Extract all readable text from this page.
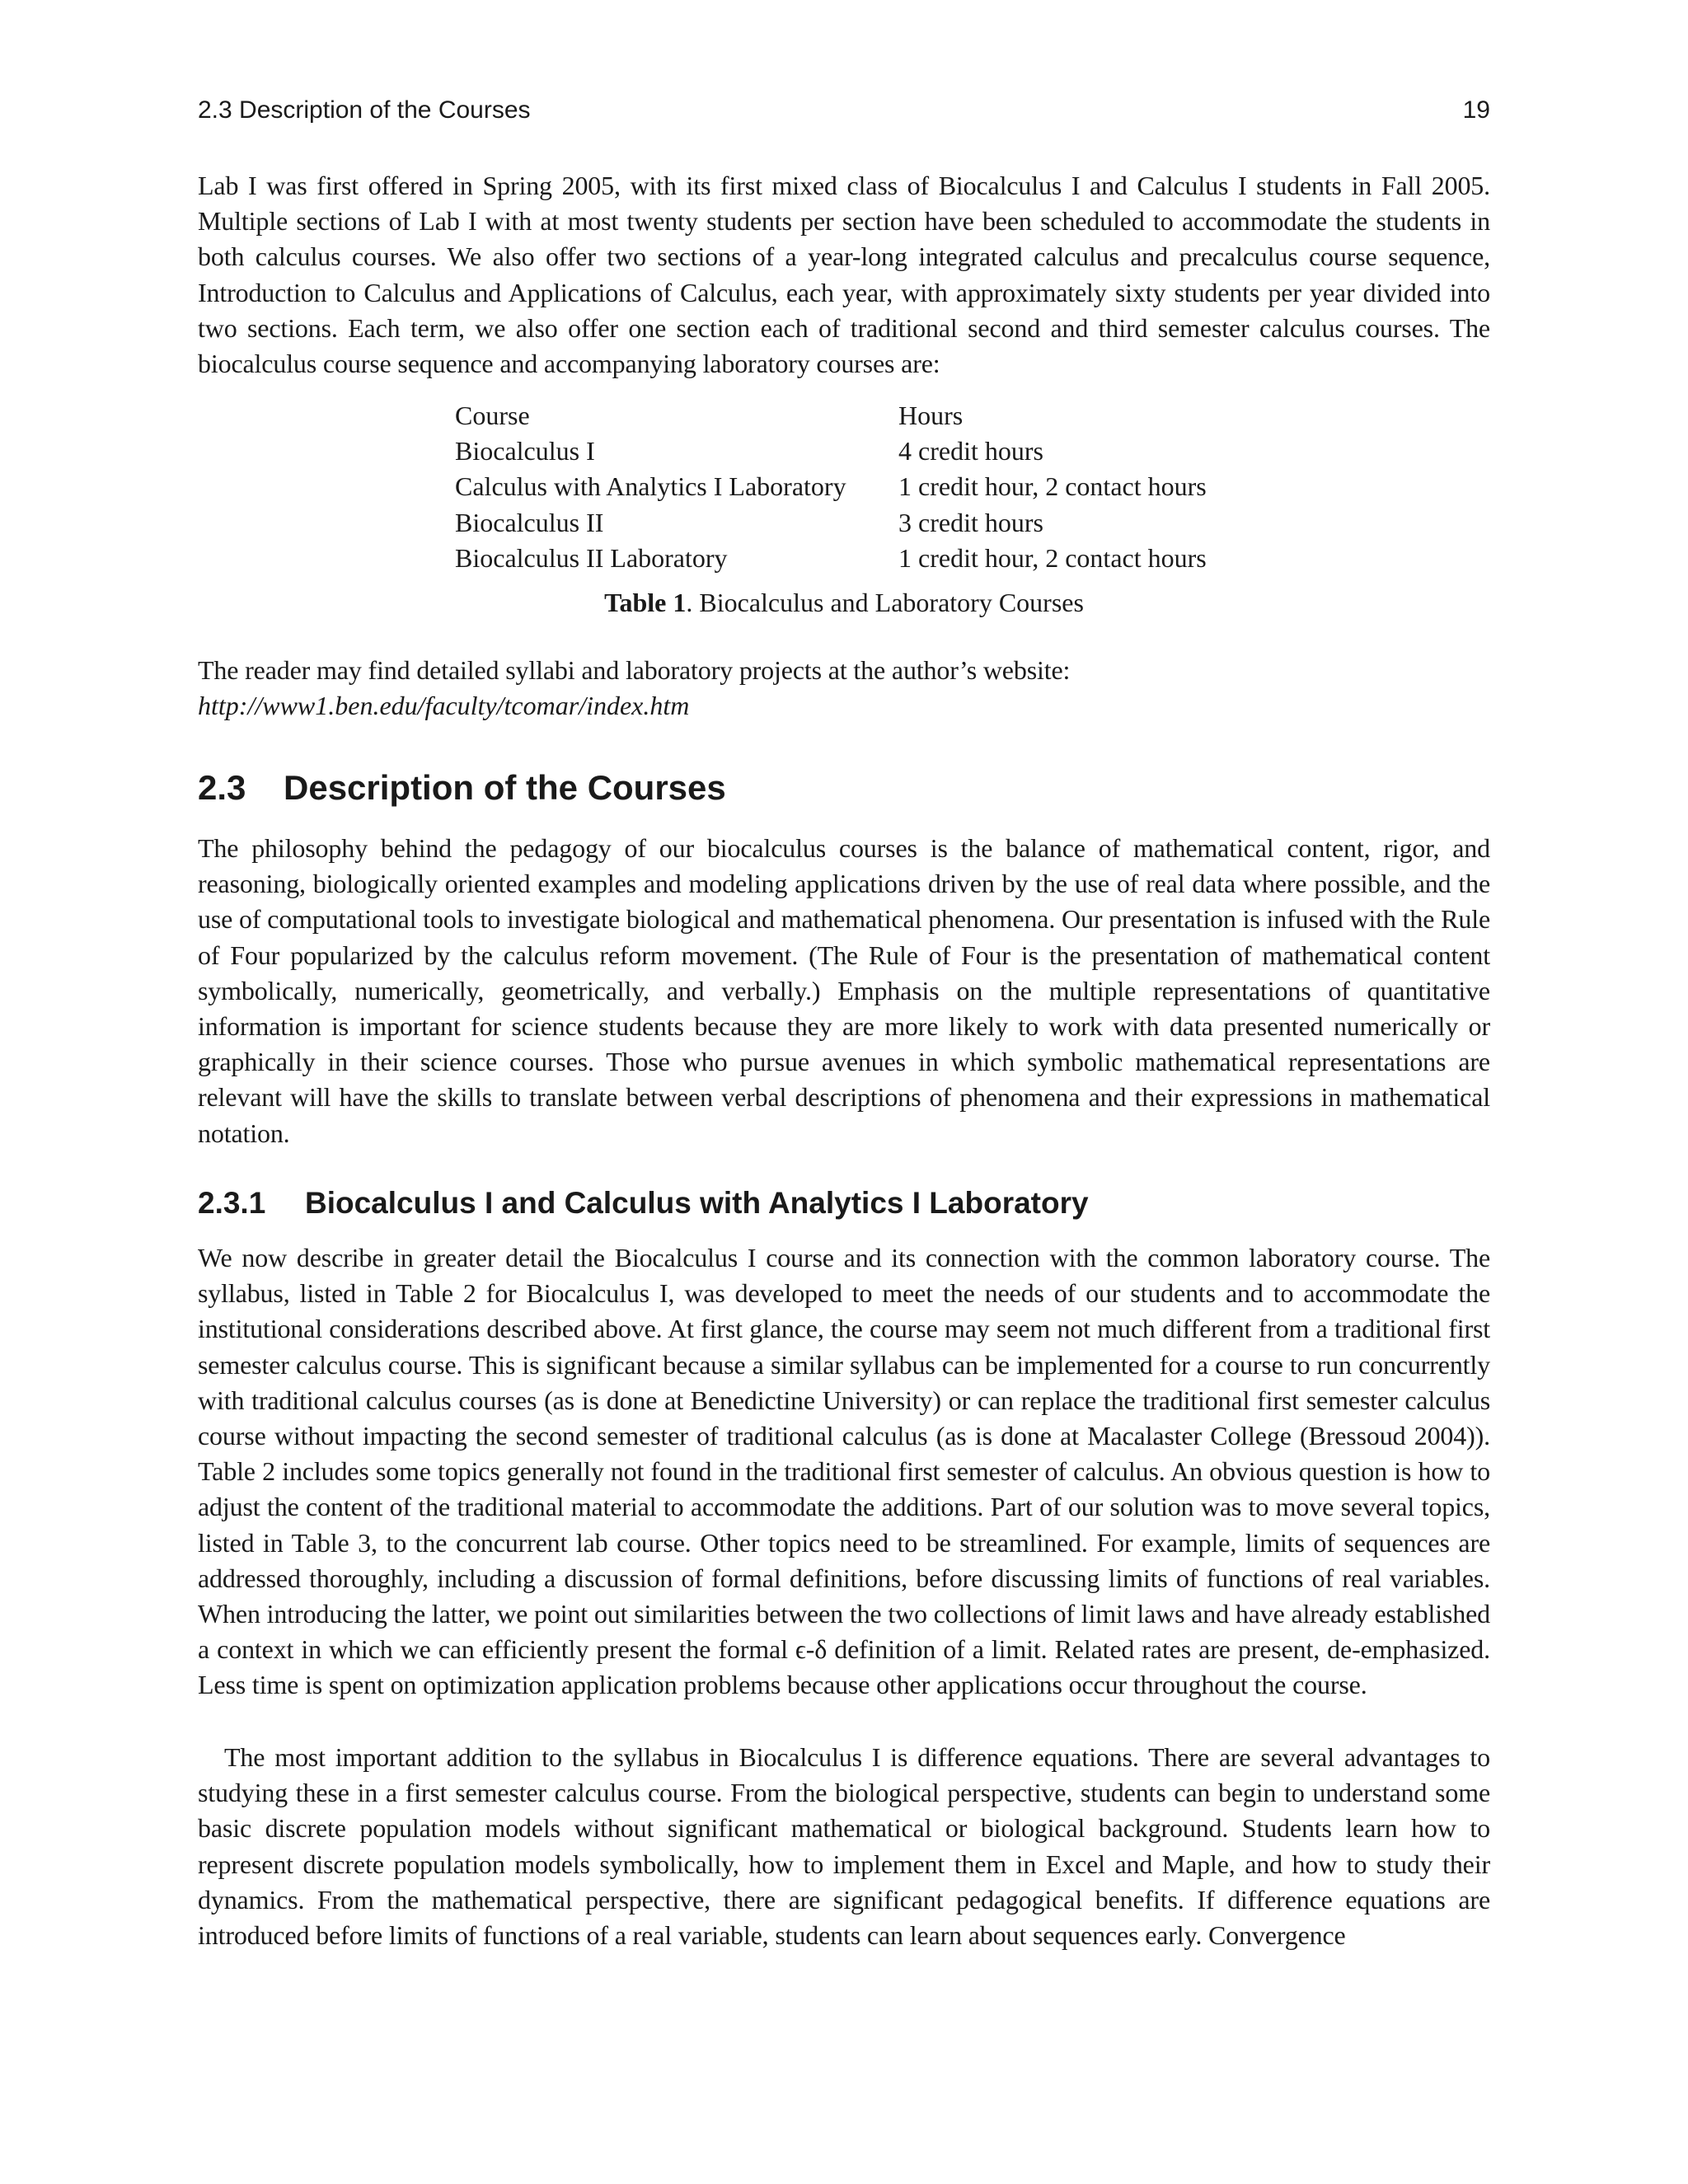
2.3 Description of the Courses	19

Lab I was first offered in Spring 2005, with its first mixed class of Biocalculus I and Calculus I students in Fall 2005. Multiple sections of Lab I with at most twenty students per section have been scheduled to accommodate the students in both calculus courses. We also offer two sections of a year-long integrated calculus and precalculus course sequence, Introduction to Calculus and Applications of Calculus, each year, with approximately sixty students per year divided into two sections. Each term, we also offer one section each of traditional second and third semester calculus courses. The biocalculus course sequence and accompanying laboratory courses are:

Course	Hours
Biocalculus I	4 credit hours
Calculus with Analytics I Laboratory	1 credit hour, 2 contact hours
Biocalculus II	3 credit hours
Biocalculus II Laboratory	1 credit hour, 2 contact hours
Table 1. Biocalculus and Laboratory Courses

The reader may find detailed syllabi and laboratory projects at the author’s website:

http://www1.ben.edu/faculty/tcomar/index.htm
2.3 Description of the Courses

The philosophy behind the pedagogy of our biocalculus courses is the balance of mathematical content, rigor, and reasoning, biologically oriented examples and modeling applications driven by the use of real data where possible, and the use of computational tools to investigate biological and mathematical phenomena. Our presentation is infused with the Rule of Four popularized by the calculus reform movement. (The Rule of Four is the presentation of mathematical content symbolically, numerically, geometrically, and verbally.) Emphasis on the multiple representations of quantitative information is important for science students because they are more likely to work with data presented numerically or graphically in their science courses. Those who pursue avenues in which symbolic mathematical representations are relevant will have the skills to translate between verbal descriptions of phenomena and their expressions in mathematical notation.

2.3.1 Biocalculus I and Calculus with Analytics I Laboratory

We now describe in greater detail the Biocalculus I course and its connection with the common laboratory course. The syllabus, listed in Table 2 for Biocalculus I, was developed to meet the needs of our students and to accommodate the institutional considerations described above. At first glance, the course may seem not much different from a traditional first semester calculus course. This is significant because a similar syllabus can be implemented for a course to run concurrently with traditional calculus courses (as is done at Benedictine University) or can replace the traditional first semester calculus course without impacting the second semester of traditional calculus (as is done at Macalaster College (Bressoud 2004)). Table 2 includes some topics generally not found in the traditional first semester of calculus. An obvious question is how to adjust the content of the traditional material to accommodate the additions. Part of our solution was to move several topics, listed in Table 3, to the concurrent lab course. Other topics need to be streamlined. For example, limits of sequences are addressed thoroughly, including a discussion of formal definitions, before discussing limits of functions of real variables. When introducing the latter, we point out similarities between the two collections of limit laws and have already established a context in which we can efficiently present the formal ϵ-δ definition of a limit. Related rates are present, de-emphasized. Less time is spent on optimization application problems because other applications occur throughout the course.

The most important addition to the syllabus in Biocalculus I is difference equations. There are several advantages to studying these in a first semester calculus course. From the biological perspective, students can begin to understand some basic discrete population models without significant mathematical or biological background. Students learn how to represent discrete population models symbolically, how to implement them in Excel and Maple, and how to study their dynamics. From the mathematical perspective, there are significant pedagogical benefits. If difference equations are introduced before limits of functions of a real variable, students can learn about sequences early. Convergence
